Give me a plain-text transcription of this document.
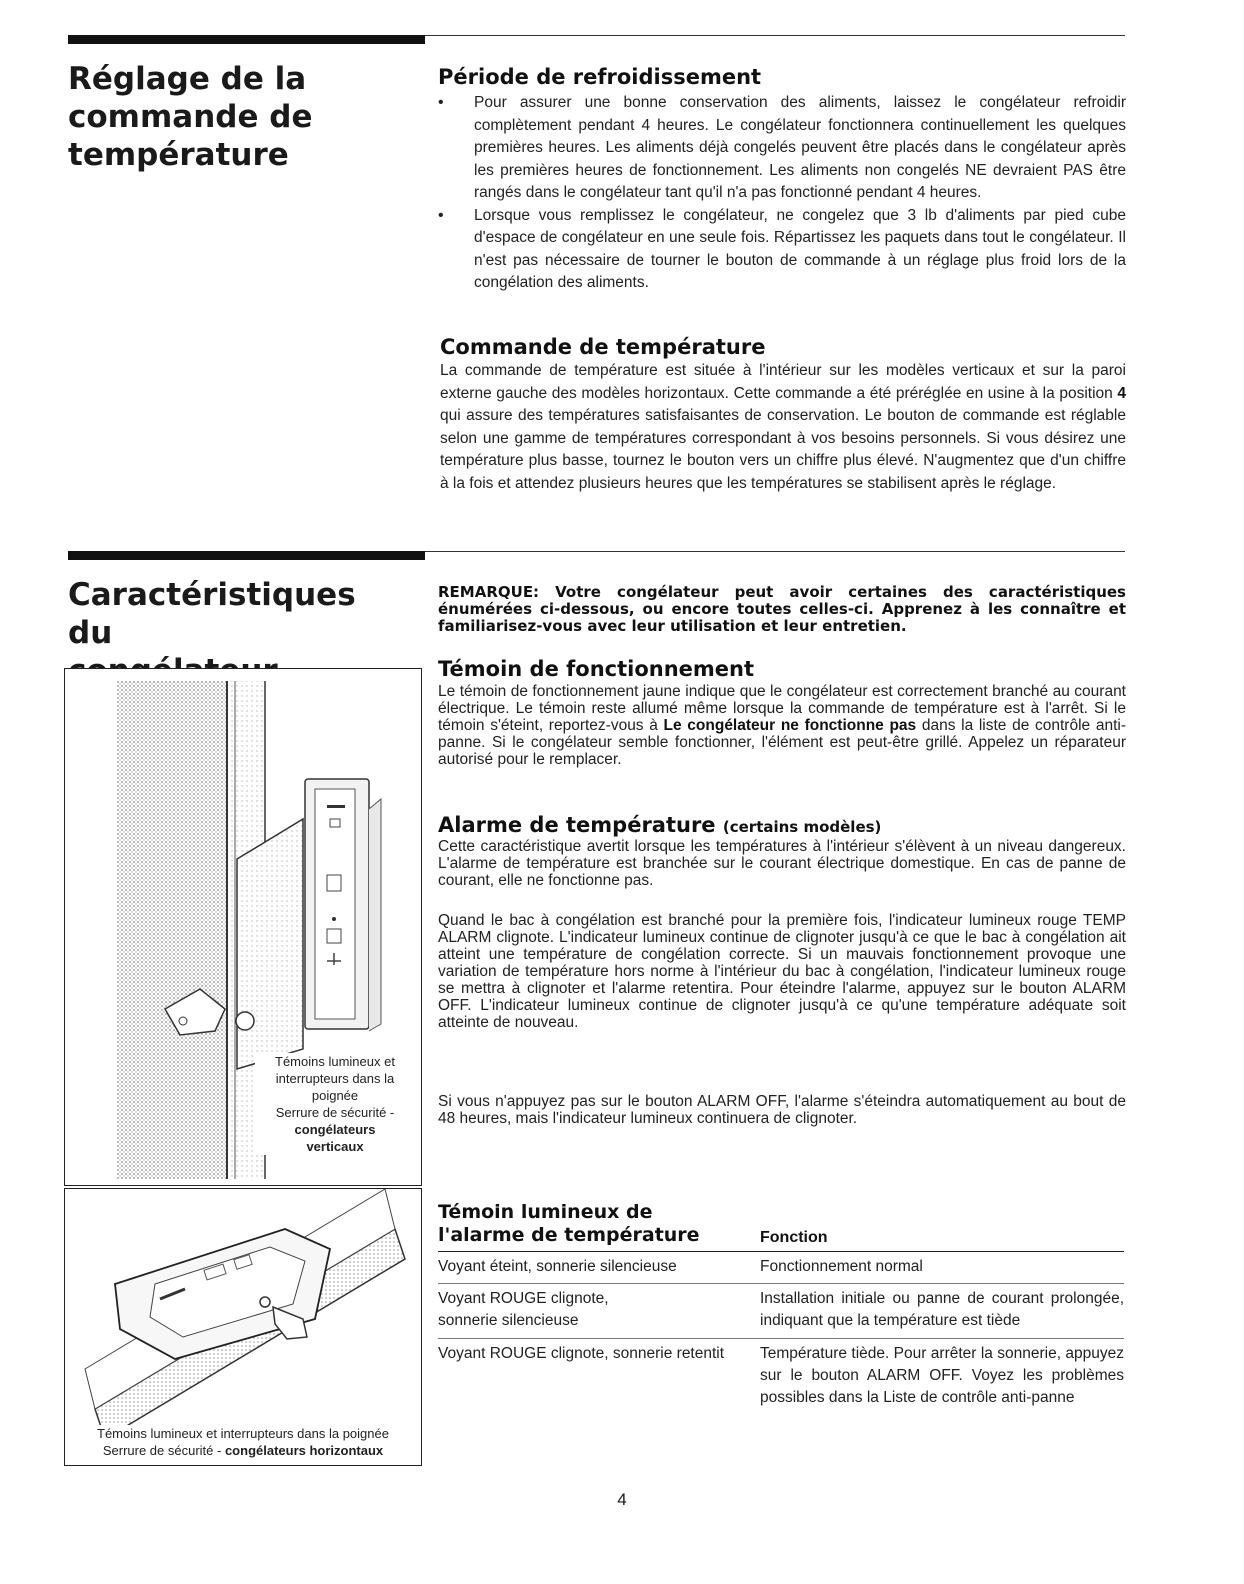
Réglage de la
commande de
température
Période de refroidissement
• Pour assurer une bonne conservation des aliments, laissez le congélateur refroidir complètement pendant 4 heures. Le congélateur fonctionnera continuellement les quelques premières heures. Les aliments déjà congelés peuvent être placés dans le congélateur après les premières heures de fonctionnement. Les aliments non congelés NE devraient PAS être rangés dans le congélateur tant qu'il n'a pas fonctionné pendant 4 heures.
• Lorsque vous remplissez le congélateur, ne congelez que 3 lb d'aliments par pied cube d'espace de congélateur en une seule fois. Répartissez les paquets dans tout le congélateur. Il n'est pas nécessaire de tourner le bouton de commande à un réglage plus froid lors de la congélation des aliments.
Commande de température

La commande de température est située à l'intérieur sur les modèles verticaux et sur la paroi externe gauche des modèles horizontaux. Cette commande a été préréglée en usine à la position 4 qui assure des températures satisfaisantes de conservation. Le bouton de commande est réglable selon une gamme de températures correspondant à vos besoins personnels. Si vous désirez une température plus basse, tournez le bouton vers un chiffre plus élevé. N'augmentez que d'un chiffre à la fois et attendez plusieurs heures que les températures se stabilisent après le réglage.

Caractéristiques du

REMARQUE: Votre congélateur peut avoir certaines des caractéristiques énumérées ci-dessous, ou encore toutes celles-ci. Apprenez à les connaître et familiarisez-vous avec leur utilisation et leur entretien.

Témoin de fonctionnement

Le témoin de fonctionnement jaune indique que le congélateur est correctement branché au courant électrique. Le témoin reste allumé même lorsque la commande de température est à l'arrêt. Si le témoin s'éteint, reportez-vous à Le congélateur ne fonctionne pas dans la liste de contrôle anti-panne. Si le congélateur semble fonctionner, l'élément est peut-être grillé. Appelez un réparateur autorisé pour le remplacer.

Alarme de température (certains modèles)

Cette caractéristique avertit lorsque les températures à l'intérieur s'élèvent à un niveau dangereux. L'alarme de température est branchée sur le courant électrique domestique. En cas de panne de courant, elle ne fonctionne pas.

Quand le bac à congélation est branché pour la première fois, l'indicateur lumineux rouge TEMP ALARM clignote. L'indicateur lumineux continue de clignoter jusqu'à ce que le bac à congélation ait atteint une température de congélation correcte. Si un mauvais fonctionnement provoque une variation de température hors norme à l'intérieur du bac à congélation, l'indicateur lumineux rouge se mettra à clignoter et l'alarme retentira. Pour éteindre l'alarme, appuyez sur le bouton ALARM OFF. L'indicateur lumineux continue de clignoter jusqu'à ce qu'une température adéquate soit atteinte de nouveau.

Si vous n'appuyez pas sur le bouton ALARM OFF, l'alarme s'éteindra automatiquement au bout de 48 heures, mais l'indicateur lumineux continuera de clignoter.

Témoins lumineux et
interrupteurs dans la
poignée
Serrure de sécurité -
congélateurs
verticaux
Témoins lumineux et interrupteurs dans la poignée
Serrure de sécurité - congélateurs horizontaux
Témoin lumineux de
l'alarme de température	Fonction
Voyant éteint, sonnerie silencieuse	Fonctionnement normal
Voyant ROUGE clignote, sonnerie silencieuse
Installation initiale ou panne de courant prolongée, indiquant que la température est tiède
Voyant ROUGE clignote, sonnerie retentit Température tiède. Pour arrêter la sonnerie, appuyez sur le bouton ALARM OFF. Voyez les problèmes possibles dans la Liste de contrôle anti-panne
4
